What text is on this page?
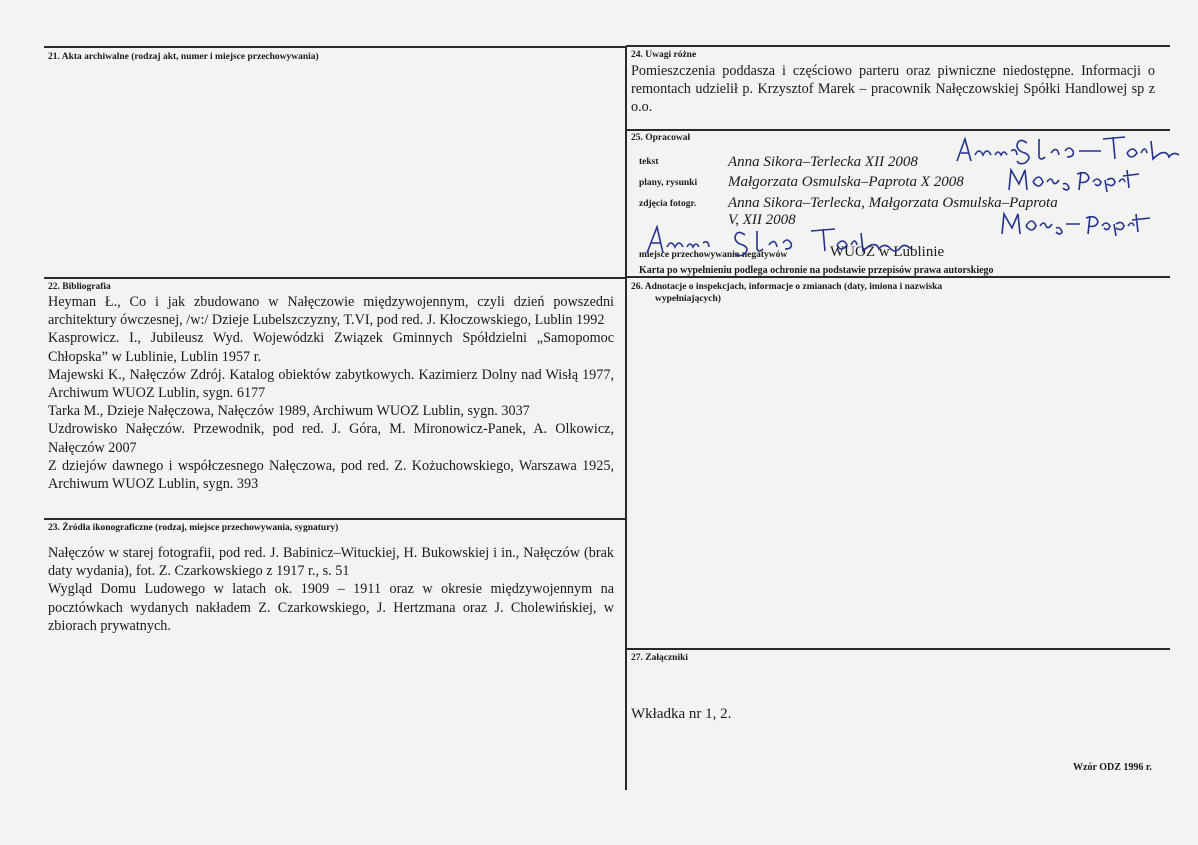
21. Akta archiwalne (rodzaj akt, numer i miejsce przechowywania)
22. Bibliografia
Heyman Ł., Co i jak zbudowano w Nałęczowie międzywojennym, czyli dzień powszedni architektury ówczesnej, /w:/ Dzieje Lubelszczyzny, T.VI, pod red. J. Kłoczowskiego, Lublin 1992
Kasprowicz. I., Jubileusz Wyd. Wojewódzki Związek Gminnych Spółdzielni „Samopomoc Chłopska” w Lublinie, Lublin 1957 r.
Majewski K., Nałęczów Zdrój. Katalog obiektów zabytkowych. Kazimierz Dolny nad Wisłą 1977, Archiwum WUOZ Lublin, sygn. 6177
Tarka M., Dzieje Nałęczowa, Nałęczów 1989, Archiwum WUOZ Lublin, sygn. 3037
Uzdrowisko Nałęczów. Przewodnik, pod red. J. Góra, M. Mironowicz-Panek, A. Olkowicz, Nałęczów 2007
Z dziejów dawnego i współczesnego Nałęczowa, pod red. Z. Kożuchowskiego, Warszawa 1925, Archiwum WUOZ Lublin, sygn. 393
23. Źródła ikonograficzne (rodzaj, miejsce przechowywania, sygnatury)
Nałęczów w starej fotografii, pod red. J. Babinicz–Wituckiej, H. Bukowskiej i in., Nałęczów (brak daty wydania), fot. Z. Czarkowskiego z 1917 r., s. 51
Wygląd Domu Ludowego w latach ok. 1909 – 1911 oraz w okresie międzywojennym na pocztówkach wydanych nakładem Z. Czarkowskiego, J. Hertzmana oraz J. Cholewińskiej, w zbiorach prywatnych.
24. Uwagi różne
Pomieszczenia poddasza i częściowo parteru oraz piwniczne niedostępne. Informacji o remontach udzielił p. Krzysztof Marek – pracownik Nałęczowskiej Spółki Handlowej sp z o.o.
25. Opracował
tekst	Anna Sikora–Terlecka XII 2008
plany, rysunki Małgorzata Osmulska–Paprota X 2008
zdjęcia fotogr. Anna Sikora–Terlecka, Małgorzata Osmulska–Paprota
V, XII 2008
miejsce przechowywania negatywów	WUOZ w Lublinie
Karta po wypełnieniu podlega ochronie na podstawie przepisów prawa autorskiego
26. Adnotacje o inspekcjach, informacje o zmianach (daty, imiona i nazwiska
wypełniających)
27. Załączniki
Wkładka nr 1, 2.
Wzór ODZ 1996 r.
